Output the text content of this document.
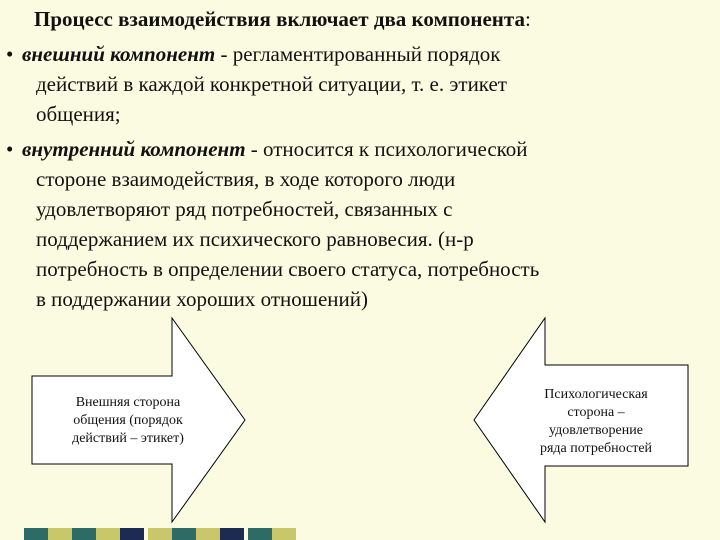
Процесс взаимодействия включает два компонента:
• внешний компонент - регламентированный порядок
действий в каждой конкретной ситуации, т. е. этикет
общения;
• внутренний компонент - относится к психологической
стороне взаимодействия, в ходе которого люди
удовлетворяют ряд потребностей, связанных с
поддержанием их психического равновесия. (н-р
потребность в определении своего статуса, потребность
в поддержании хороших отношений)
Внешняя сторона
общения (порядок
действий – этикет)
Психологическая
сторона –
удовлетворение
ряда потребностей
